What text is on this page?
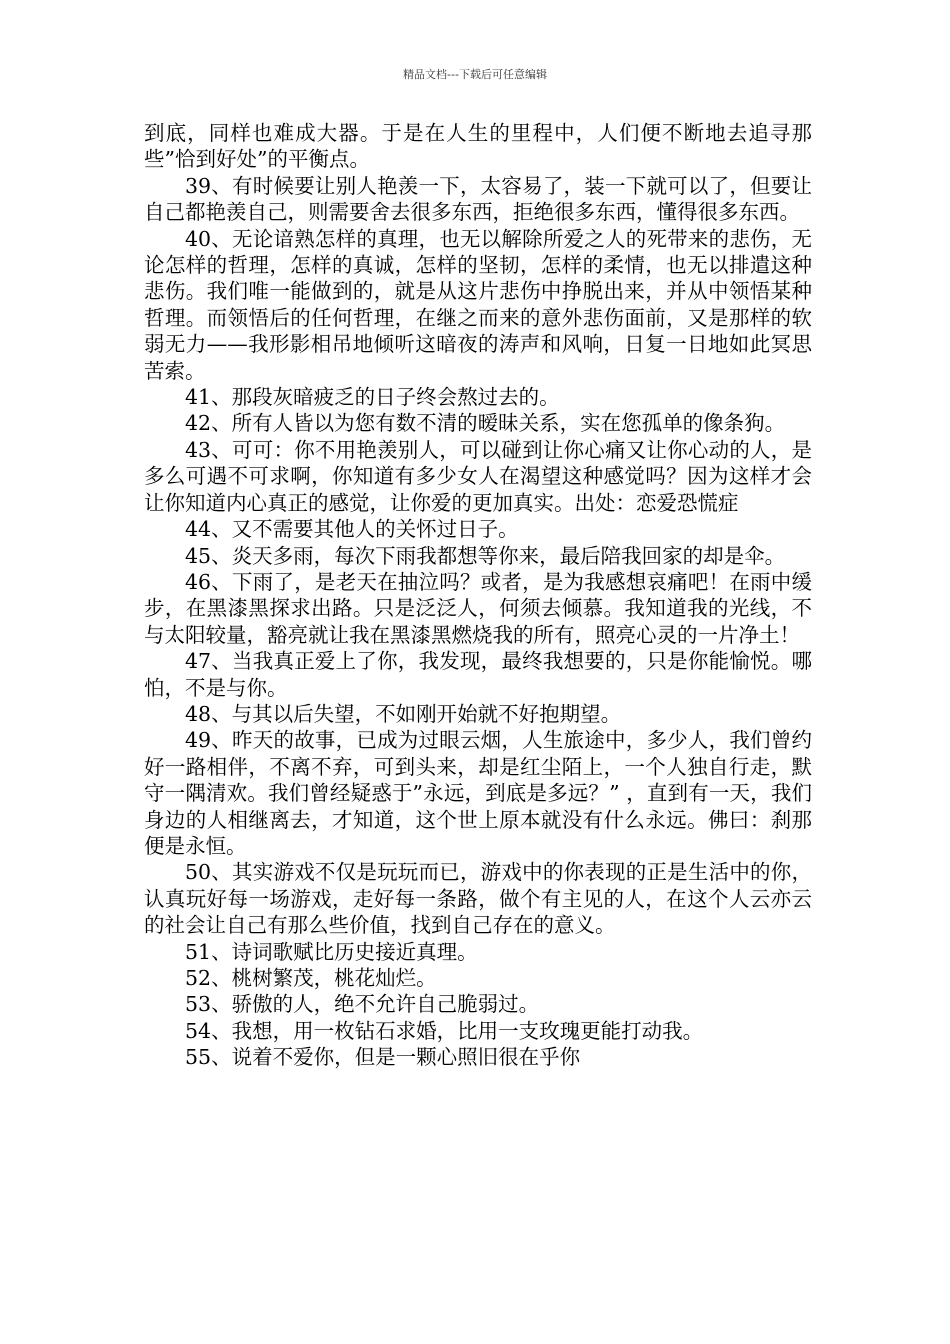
精品文档---下载后可任意编辑

到底，同样也难成大器。于是在人生的里程中，人们便不断地去追寻那些”恰到好处”的平衡点。

39、有时候要让别人艳羡一下，太容易了，装一下就可以了，但要让自己都艳羡自己，则需要舍去很多东西，拒绝很多东西，懂得很多东西。

40、无论谙熟怎样的真理，也无以解除所爱之人的死带来的悲伤，无论怎样的哲理，怎样的真诚，怎样的坚韧，怎样的柔情，也无以排遣这种悲伤。我们唯一能做到的，就是从这片悲伤中挣脱出来，并从中领悟某种哲理。而领悟后的任何哲理，在继之而来的意外悲伤面前，又是那样的软弱无力——我形影相吊地倾听这暗夜的涛声和风响，日复一日地如此冥思苦索。

41、那段灰暗疲乏的日子终会熬过去的。

42、所有人皆以为您有数不清的暧昧关系，实在您孤单的像条狗。

43、可可：你不用艳羡别人，可以碰到让你心痛又让你心动的人，是多么可遇不可求啊，你知道有多少女人在渴望这种感觉吗？因为这样才会让你知道内心真正的感觉，让你爱的更加真实。出处：恋爱恐慌症

44、又不需要其他人的关怀过日子。

45、炎天多雨，每次下雨我都想等你来，最后陪我回家的却是伞。

46、下雨了，是老天在抽泣吗？或者，是为我感想哀痛吧！在雨中缓步，在黑漆黑探求出路。只是泛泛人，何须去倾慕。我知道我的光线，不与太阳较量，豁亮就让我在黑漆黑燃烧我的所有，照亮心灵的一片净土！

47、当我真正爱上了你，我发现，最终我想要的，只是你能愉悦。哪怕，不是与你。

48、与其以后失望，不如刚开始就不好抱期望。

49、昨天的故事，已成为过眼云烟，人生旅途中，多少人，我们曾约好一路相伴，不离不弃，可到头来，却是红尘陌上，一个人独自行走，默守一隅清欢。我们曾经疑惑于”永远，到底是多远？” ，直到有一天，我们身边的人相继离去，才知道，这个世上原本就没有什么永远。佛曰：刹那便是永恒。

50、其实游戏不仅是玩玩而已，游戏中的你表现的正是生活中的你，认真玩好每一场游戏，走好每一条路，做个有主见的人，在这个人云亦云的社会让自己有那么些价值，找到自己存在的意义。

51、诗词歌赋比历史接近真理。

52、桃树繁茂，桃花灿烂。

53、骄傲的人，绝不允许自己脆弱过。

54、我想，用一枚钻石求婚，比用一支玫瑰更能打动我。

55、说着不爱你，但是一颗心照旧很在乎你
